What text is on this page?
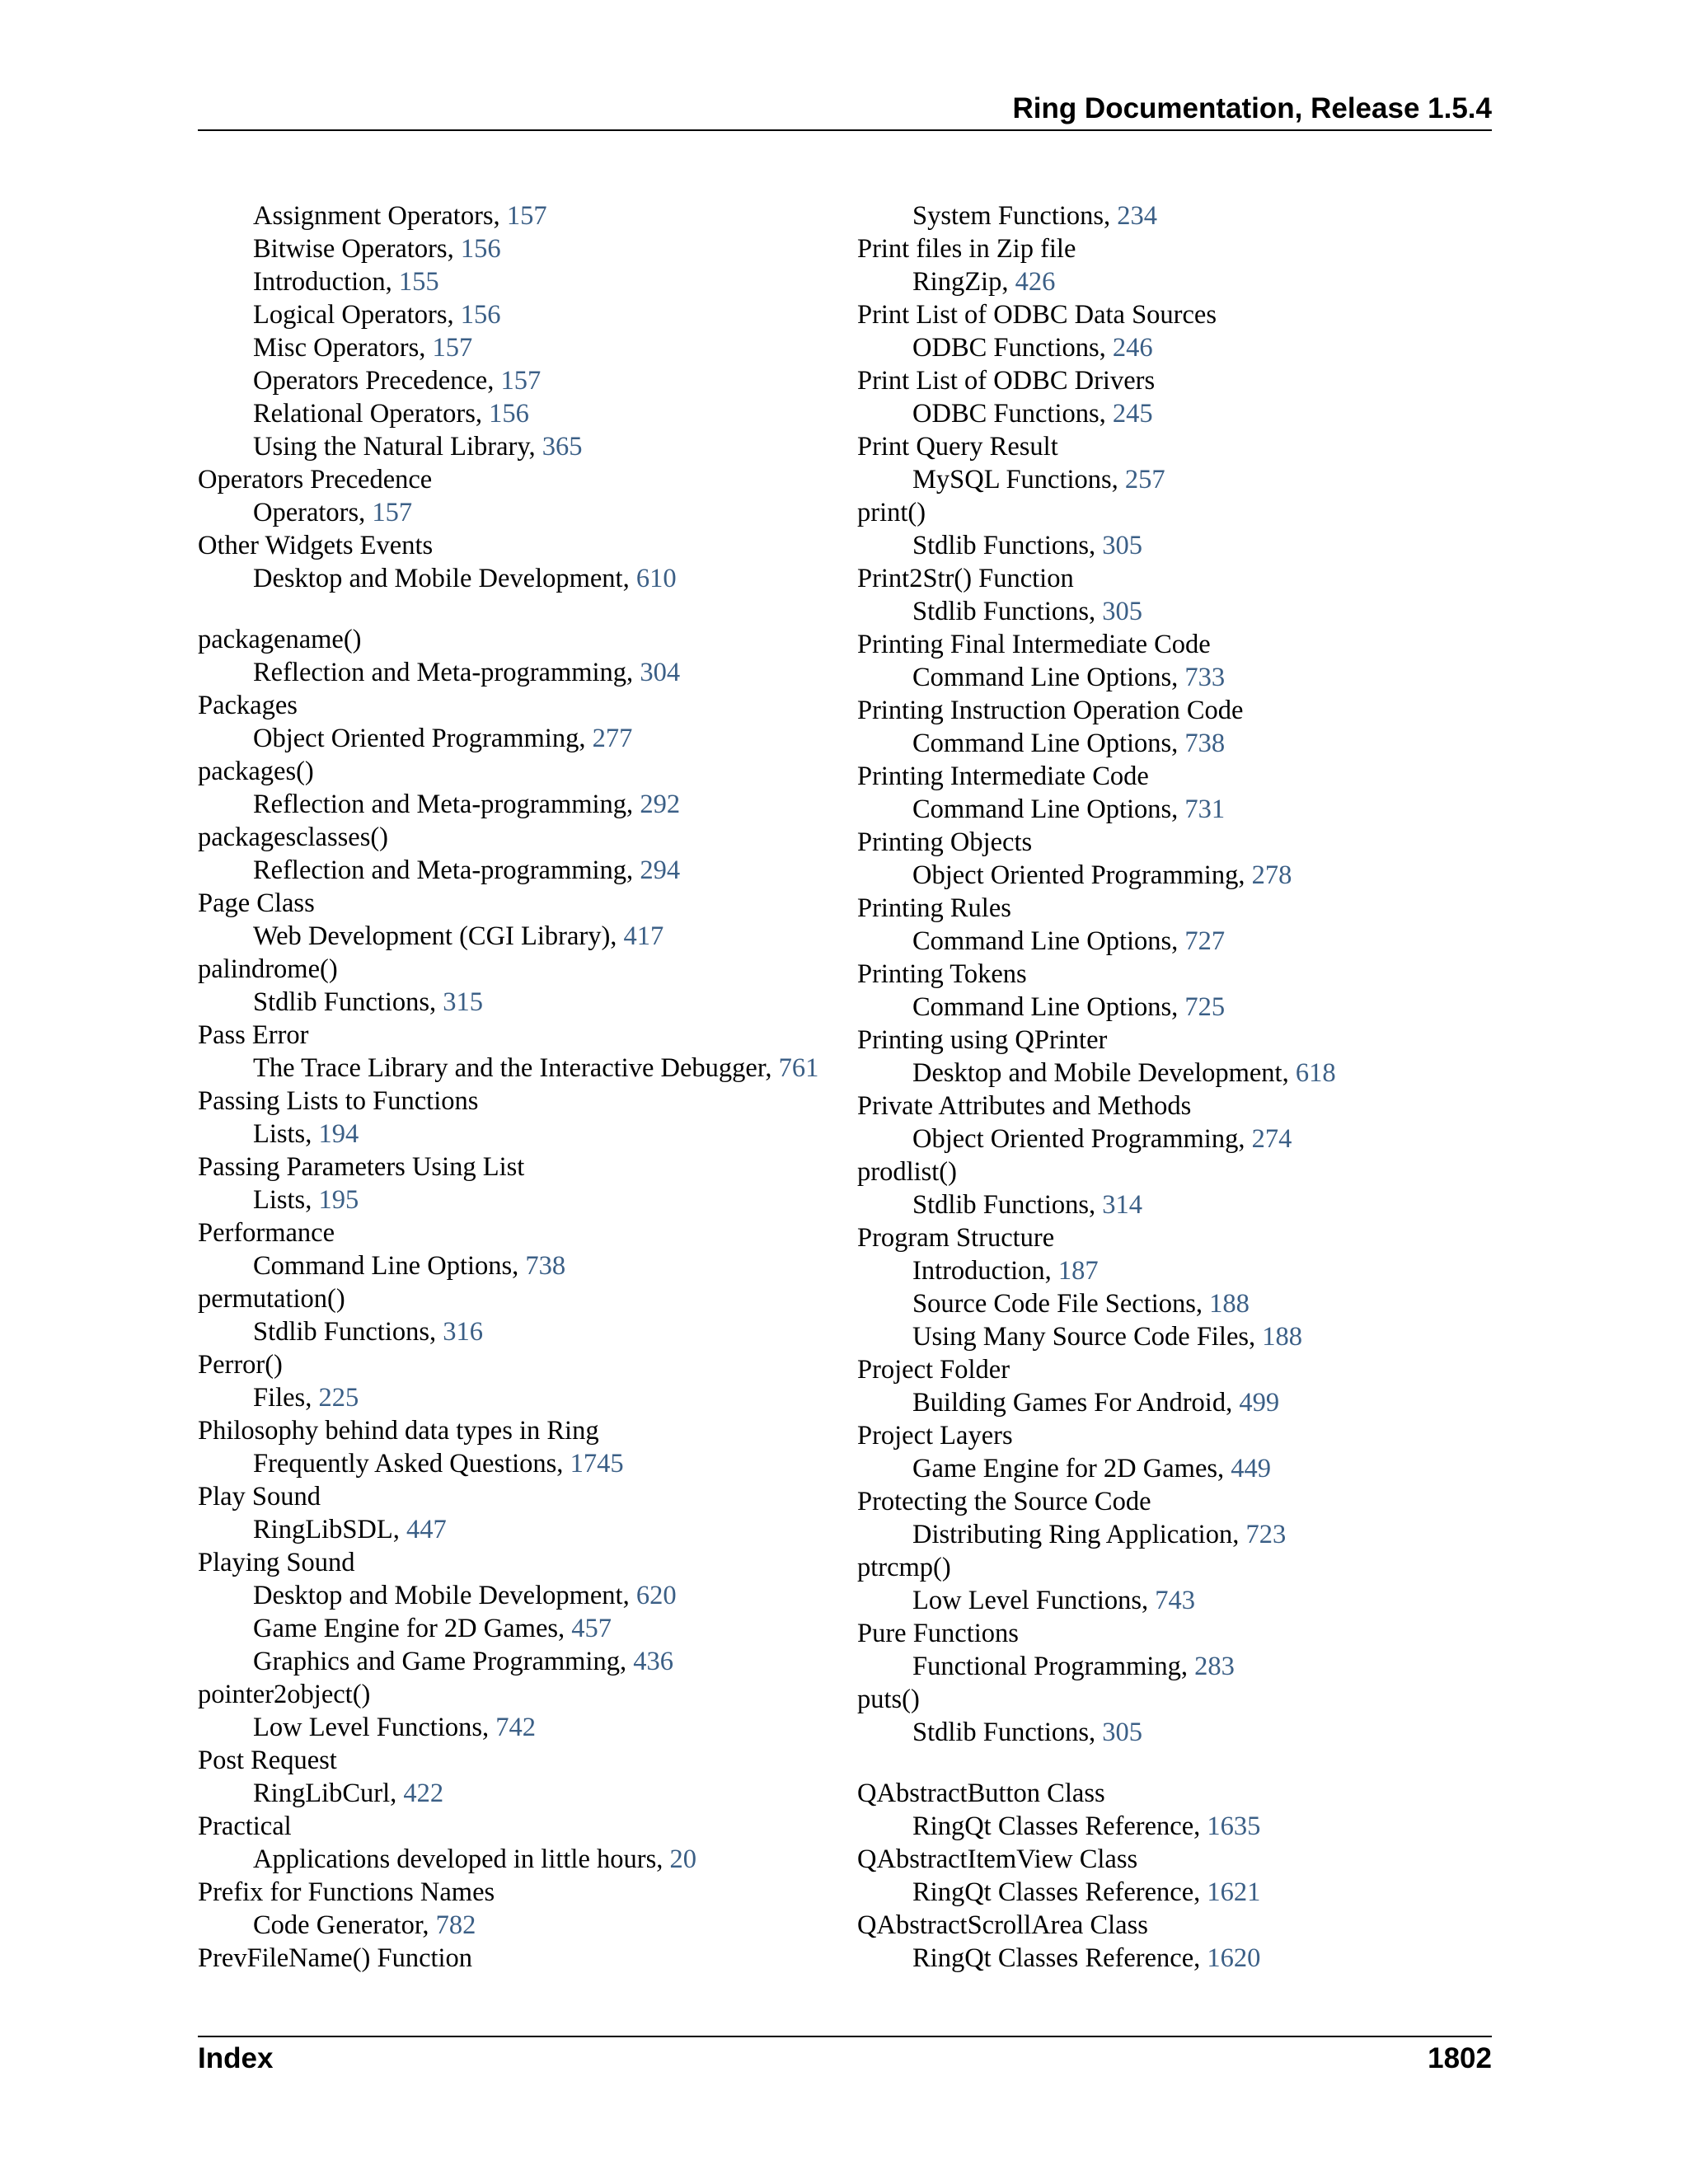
Ring Documentation, Release 1.5.4
Assignment Operators, 157
Bitwise Operators, 156
Introduction, 155
Logical Operators, 156
Misc Operators, 157
Operators Precedence, 157
Relational Operators, 156
Using the Natural Library, 365
Operators Precedence
Operators, 157
Other Widgets Events
Desktop and Mobile Development, 610
packagename()
Reflection and Meta-programming, 304
Packages
Object Oriented Programming, 277
packages()
Reflection and Meta-programming, 292
packagesclasses()
Reflection and Meta-programming, 294
Page Class
Web Development (CGI Library), 417
palindrome()
Stdlib Functions, 315
Pass Error
The Trace Library and the Interactive Debugger, 761
Passing Lists to Functions
Lists, 194
Passing Parameters Using List
Lists, 195
Performance
Command Line Options, 738
permutation()
Stdlib Functions, 316
Perror()
Files, 225
Philosophy behind data types in Ring
Frequently Asked Questions, 1745
Play Sound
RingLibSDL, 447
Playing Sound
Desktop and Mobile Development, 620
Game Engine for 2D Games, 457
Graphics and Game Programming, 436
pointer2object()
Low Level Functions, 742
Post Request
RingLibCurl, 422
Practical
Applications developed in little hours, 20
Prefix for Functions Names
Code Generator, 782
PrevFileName() Function
System Functions, 234
Print files in Zip file
RingZip, 426
Print List of ODBC Data Sources
ODBC Functions, 246
Print List of ODBC Drivers
ODBC Functions, 245
Print Query Result
MySQL Functions, 257
print()
Stdlib Functions, 305
Print2Str() Function
Stdlib Functions, 305
Printing Final Intermediate Code
Command Line Options, 733
Printing Instruction Operation Code
Command Line Options, 738
Printing Intermediate Code
Command Line Options, 731
Printing Objects
Object Oriented Programming, 278
Printing Rules
Command Line Options, 727
Printing Tokens
Command Line Options, 725
Printing using QPrinter
Desktop and Mobile Development, 618
Private Attributes and Methods
Object Oriented Programming, 274
prodlist()
Stdlib Functions, 314
Program Structure
Introduction, 187
Source Code File Sections, 188
Using Many Source Code Files, 188
Project Folder
Building Games For Android, 499
Project Layers
Game Engine for 2D Games, 449
Protecting the Source Code
Distributing Ring Application, 723
ptrcmp()
Low Level Functions, 743
Pure Functions
Functional Programming, 283
puts()
Stdlib Functions, 305
QAbstractButton Class
RingQt Classes Reference, 1635
QAbstractItemView Class
RingQt Classes Reference, 1621
QAbstractScrollArea Class
RingQt Classes Reference, 1620
Index	1802
